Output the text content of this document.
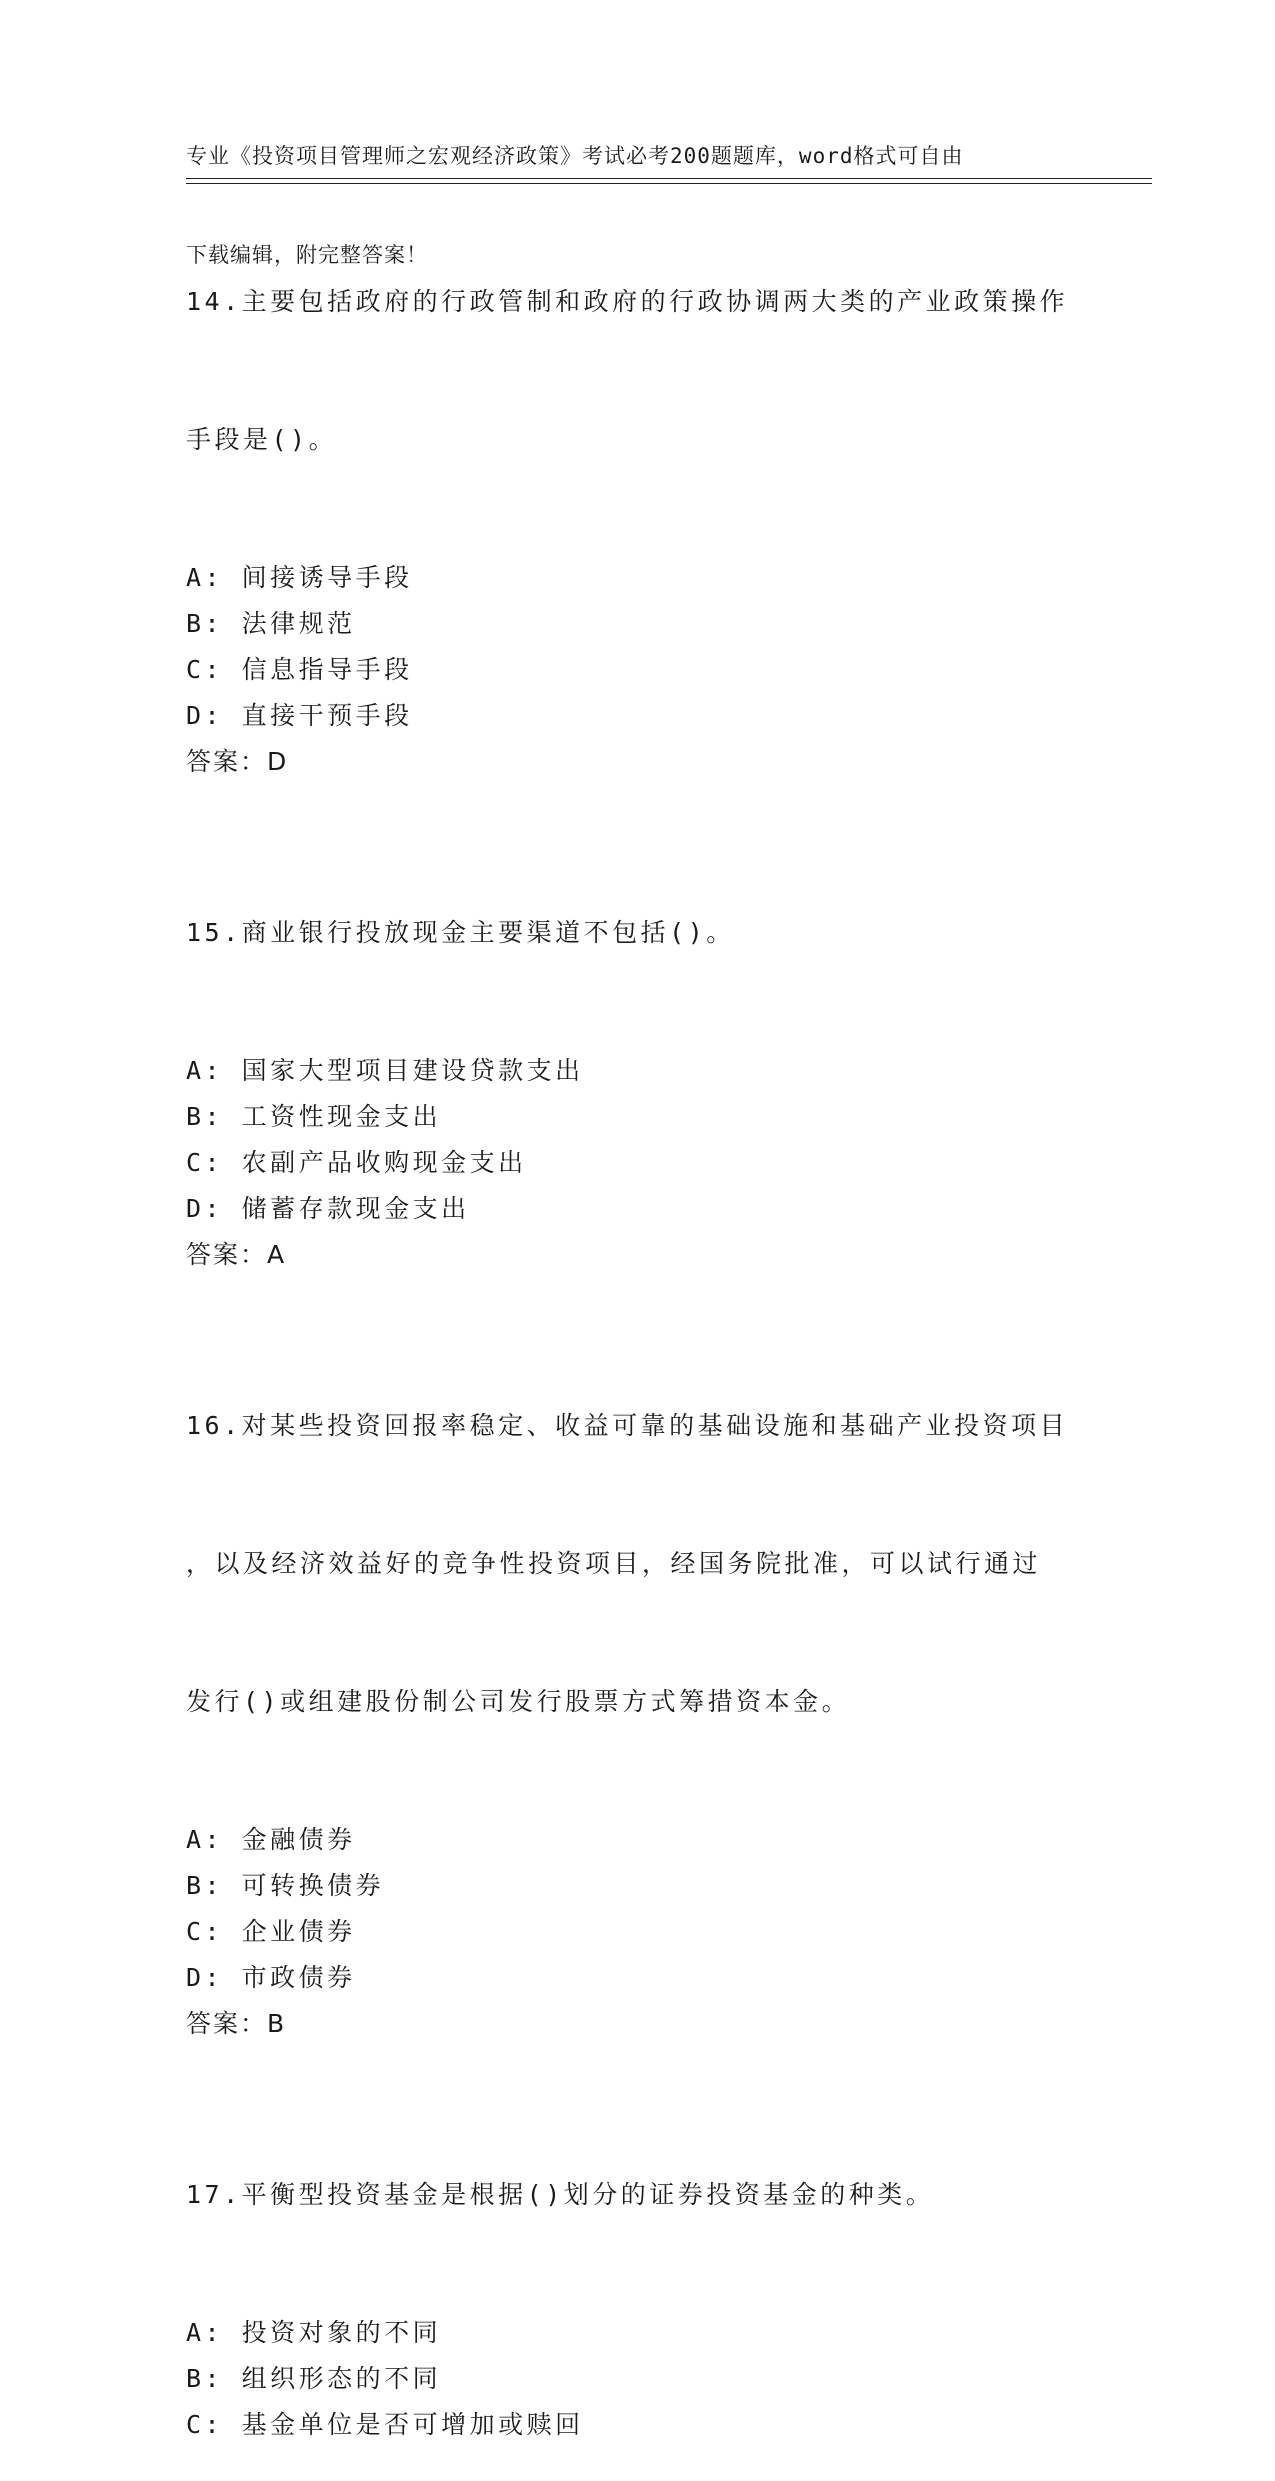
专业《投资项目管理师之宏观经济政策》考试必考200题题库，word格式可自由

下载编辑，附完整答案！

14.主要包括政府的行政管制和政府的行政协调两大类的产业政策操作

手段是()。

A: 间接诱导手段
B: 法律规范
C: 信息指导手段
D: 直接干预手段
答案：D

15.商业银行投放现金主要渠道不包括()。

A: 国家大型项目建设贷款支出
B: 工资性现金支出
C: 农副产品收购现金支出
D: 储蓄存款现金支出
答案：A

16.对某些投资回报率稳定、收益可靠的基础设施和基础产业投资项目

，以及经济效益好的竞争性投资项目，经国务院批准，可以试行通过

发行()或组建股份制公司发行股票方式筹措资本金。

A: 金融债券
B: 可转换债券
C: 企业债券
D: 市政债券
答案：B

17.平衡型投资基金是根据()划分的证券投资基金的种类。

A: 投资对象的不同
B: 组织形态的不同
C: 基金单位是否可增加或赎回
